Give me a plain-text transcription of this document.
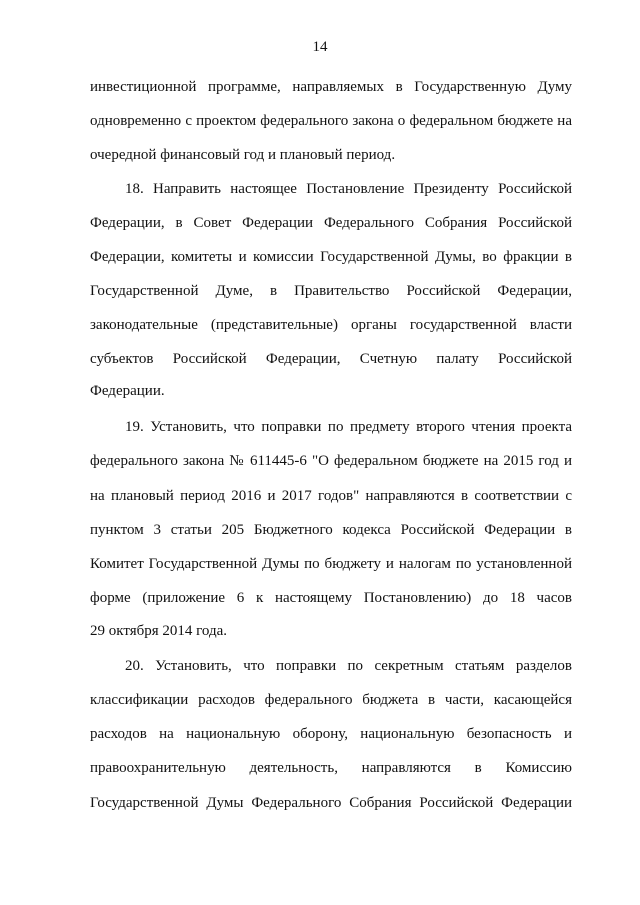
14
инвестиционной программе, направляемых в Государственную Думу
одновременно с проектом федерального закона о федеральном бюджете на
очередной финансовый год и плановый период.
18. Направить настоящее Постановление Президенту Российской
Федерации, в Совет Федерации Федерального Собрания Российской
Федерации, комитеты и комиссии Государственной Думы, во фракции в
Государственной Думе, в Правительство Российской Федерации,
законодательные (представительные) органы государственной власти
субъектов Российской Федерации, Счетную палату Российской
Федерации.
19. Установить, что поправки по предмету второго чтения проекта
федерального закона № 611445-6 "О федеральном бюджете на 2015 год и
на плановый период 2016 и 2017 годов" направляются в соответствии с
пунктом 3 статьи 205 Бюджетного кодекса Российской Федерации в
Комитет Государственной Думы по бюджету и налогам по установленной
форме (приложение 6 к настоящему Постановлению) до 18 часов
29 октября 2014 года.
20. Установить, что поправки по секретным статьям разделов
классификации расходов федерального бюджета в части, касающейся
расходов на национальную оборону, национальную безопасность и
правоохранительную деятельность, направляются в Комиссию
Государственной Думы Федерального Собрания Российской Федерации
